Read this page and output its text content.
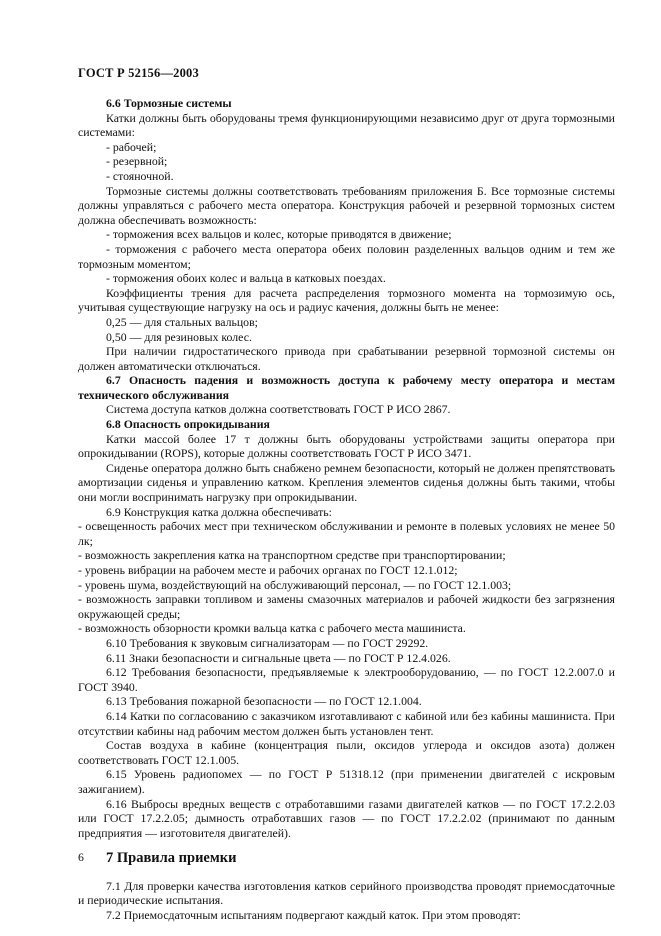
ГОСТ Р 52156—2003
6.6 Тормозные системы
Катки должны быть оборудованы тремя функционирующими независимо друг от друга тормозными системами:
- рабочей;
- резервной;
- стояночной.
Тормозные системы должны соответствовать требованиям приложения Б. Все тормозные системы должны управляться с рабочего места оператора. Конструкция рабочей и резервной тормозных систем должна обеспечивать возможность:
- торможения всех вальцов и колес, которые приводятся в движение;
- торможения с рабочего места оператора обеих половин разделенных вальцов одним и тем же тормозным моментом;
- торможения обоих колес и вальца в катковых поездах.
Коэффициенты трения для расчета распределения тормозного момента на тормозимую ось, учитывая существующие нагрузку на ось и радиус качения, должны быть не менее:
0,25 — для стальных вальцов;
0,50 — для резиновых колес.
При наличии гидростатического привода при срабатывании резервной тормозной системы он должен автоматически отключаться.
6.7 Опасность падения и возможность доступа к рабочему месту оператора и местам технического обслуживания
Система доступа катков должна соответствовать ГОСТ Р ИСО 2867.
6.8 Опасность опрокидывания
Катки массой более 17 т должны быть оборудованы устройствами защиты оператора при опрокидывании (ROPS), которые должны соответствовать ГОСТ Р ИСО 3471.
Сиденье оператора должно быть снабжено ремнем безопасности, который не должен препятствовать амортизации сиденья и управлению катком. Крепления элементов сиденья должны быть такими, чтобы они могли воспринимать нагрузку при опрокидывании.
6.9 Конструкция катка должна обеспечивать:
- освещенность рабочих мест при техническом обслуживании и ремонте в полевых условиях не менее 50 лк;
- возможность закрепления катка на транспортном средстве при транспортировании;
- уровень вибрации на рабочем месте и рабочих органах по ГОСТ 12.1.012;
- уровень шума, воздействующий на обслуживающий персонал, — по ГОСТ 12.1.003;
- возможность заправки топливом и замены смазочных материалов и рабочей жидкости без загрязнения окружающей среды;
- возможность обзорности кромки вальца катка с рабочего места машиниста.
6.10 Требования к звуковым сигнализаторам — по ГОСТ 29292.
6.11 Знаки безопасности и сигнальные цвета — по ГОСТ Р 12.4.026.
6.12 Требования безопасности, предъявляемые к электрооборудованию, — по ГОСТ 12.2.007.0 и ГОСТ 3940.
6.13 Требования пожарной безопасности — по ГОСТ 12.1.004.
6.14 Катки по согласованию с заказчиком изготавливают с кабиной или без кабины машиниста. При отсутствии кабины над рабочим местом должен быть установлен тент.
Состав воздуха в кабине (концентрация пыли, оксидов углерода и оксидов азота) должен соответствовать ГОСТ 12.1.005.
6.15 Уровень радиопомех — по ГОСТ Р 51318.12 (при применении двигателей с искровым зажиганием).
6.16 Выбросы вредных веществ с отработавшими газами двигателей катков — по ГОСТ 17.2.2.03 или ГОСТ 17.2.2.05; дымность отработавших газов — по ГОСТ 17.2.2.02 (принимают по данным предприятия — изготовителя двигателей).
7 Правила приемки
7.1 Для проверки качества изготовления катков серийного производства проводят приемосдаточные и периодические испытания.
7.2 Приемосдаточным испытаниям подвергают каждый каток. При этом проводят:
6
